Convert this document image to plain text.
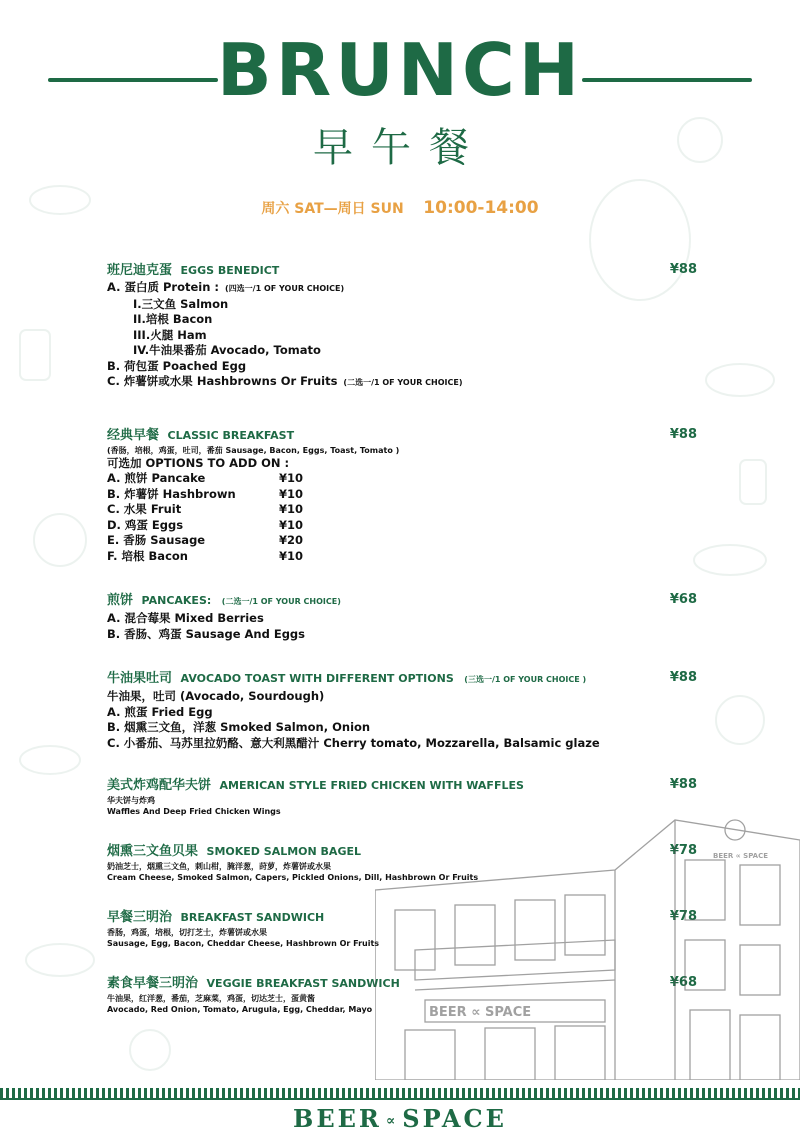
BRUNCH
早午餐
周六 SAT—周日 SUN 10:00-14:00
班尼迪克蛋 EGGS BENEDICT	¥88
A. 蛋白质 Protein : (四选一/1 OF YOUR CHOICE)
I.三文鱼 Salmon
II.培根 Bacon
III.火腿 Ham
IV.牛油果番茄 Avocado, Tomato
B. 荷包蛋 Poached Egg
C. 炸薯饼或水果 Hashbrowns Or Fruits (二选一/1 OF YOUR CHOICE)
经典早餐 CLASSIC BREAKFAST	¥88
(香肠，培根，鸡蛋，吐司，番茄 Sausage, Bacon, Eggs, Toast, Tomato )
可选加 OPTIONS TO ADD ON :
A. 煎饼 Pancake	¥10
B. 炸薯饼 Hashbrown	¥10
C. 水果 Fruit	¥10
D. 鸡蛋 Eggs	¥10
E. 香肠 Sausage	¥20
F. 培根 Bacon	¥10
煎饼 PANCAKES: (二选一/1 OF YOUR CHOICE)	¥68
A. 混合莓果 Mixed Berries
B. 香肠、鸡蛋 Sausage And Eggs
牛油果吐司 AVOCADO TOAST WITH DIFFERENT OPTIONS (三选一/1 OF YOUR CHOICE )	¥88
牛油果，吐司 (Avocado, Sourdough)
A. 煎蛋 Fried Egg
B. 烟熏三文鱼，洋葱 Smoked Salmon, Onion
C. 小番茄、马苏里拉奶酪、意大利黑醋汁 Cherry tomato, Mozzarella, Balsamic glaze
美式炸鸡配华夫饼 AMERICAN STYLE FRIED CHICKEN WITH WAFFLES	¥88
华夫饼与炸鸡
Waffles And Deep Fried Chicken Wings
烟熏三文鱼贝果 SMOKED SALMON BAGEL	¥78
奶油芝士，烟熏三文鱼，刺山柑，腌洋葱，莳萝，炸薯饼或水果
Cream Cheese, Smoked Salmon, Capers, Pickled Onions, Dill, Hashbrown Or Fruits
早餐三明治 BREAKFAST SANDWICH	¥78
香肠，鸡蛋，培根，切打芝士，炸薯饼或水果
Sausage, Egg, Bacon, Cheddar Cheese, Hashbrown Or Fruits
素食早餐三明治 VEGGIE BREAKFAST SANDWICH	¥68
牛油果，红洋葱，番茄，芝麻菜，鸡蛋，切达芝士，蛋黄酱
Avocado, Red Onion, Tomato, Arugula, Egg, Cheddar, Mayo	BEER ∝ SPACE
BEER ∝ SPACE
BEER ∝ SPACE
